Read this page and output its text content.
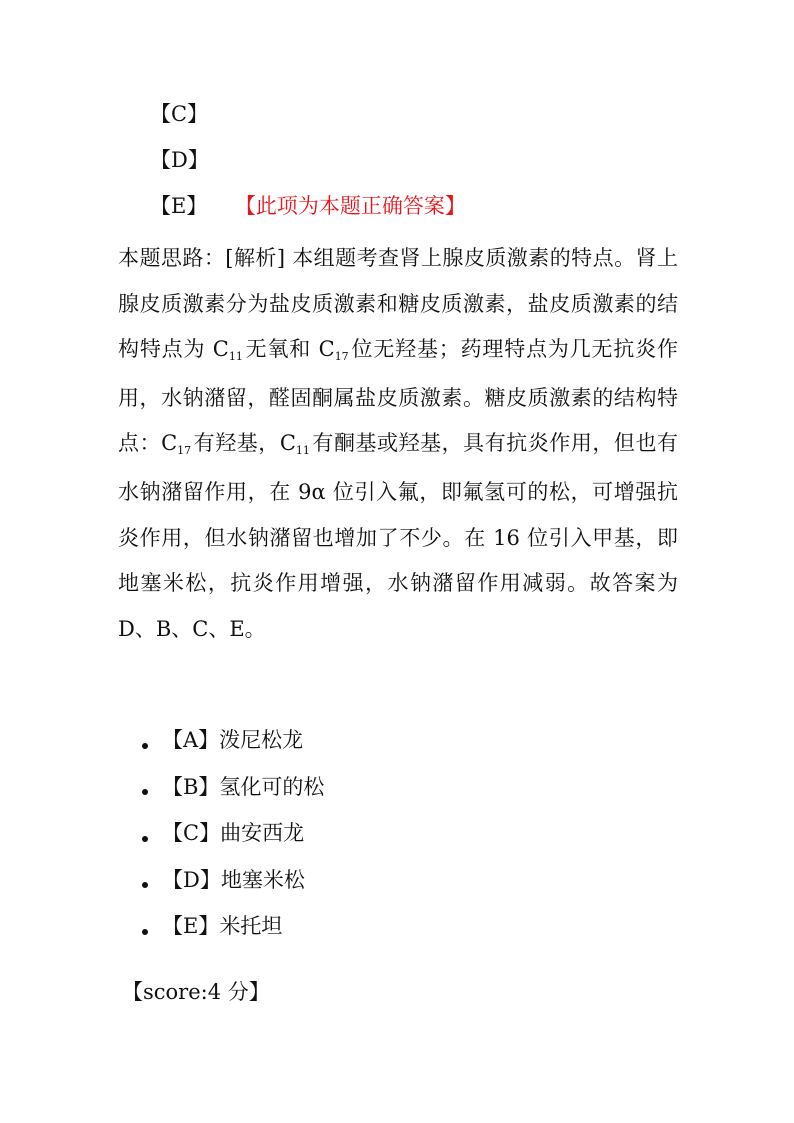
【C】
【D】
【E】 【此项为本题正确答案】

本题思路：[解析] 本组题考查肾上腺皮质激素的特点。肾上腺皮质激素分为盐皮质激素和糖皮质激素，盐皮质激素的结构特点为 C11无氧和 C17位无羟基；药理特点为几无抗炎作用，水钠潴留，醛固酮属盐皮质激素。糖皮质激素的结构特点：C17有羟基，C11有酮基或羟基，具有抗炎作用，但也有水钠潴留作用，在 9α 位引入氟，即氟氢可的松，可增强抗炎作用，但水钠潴留也增加了不少。在 16 位引入甲基，即地塞米松，抗炎作用增强，水钠潴留作用减弱。故答案为 D、B、C、E。

【A】泼尼松龙
【B】氢化可的松
【C】曲安西龙
【D】地塞米松
【E】米托坦
【score:4 分】
